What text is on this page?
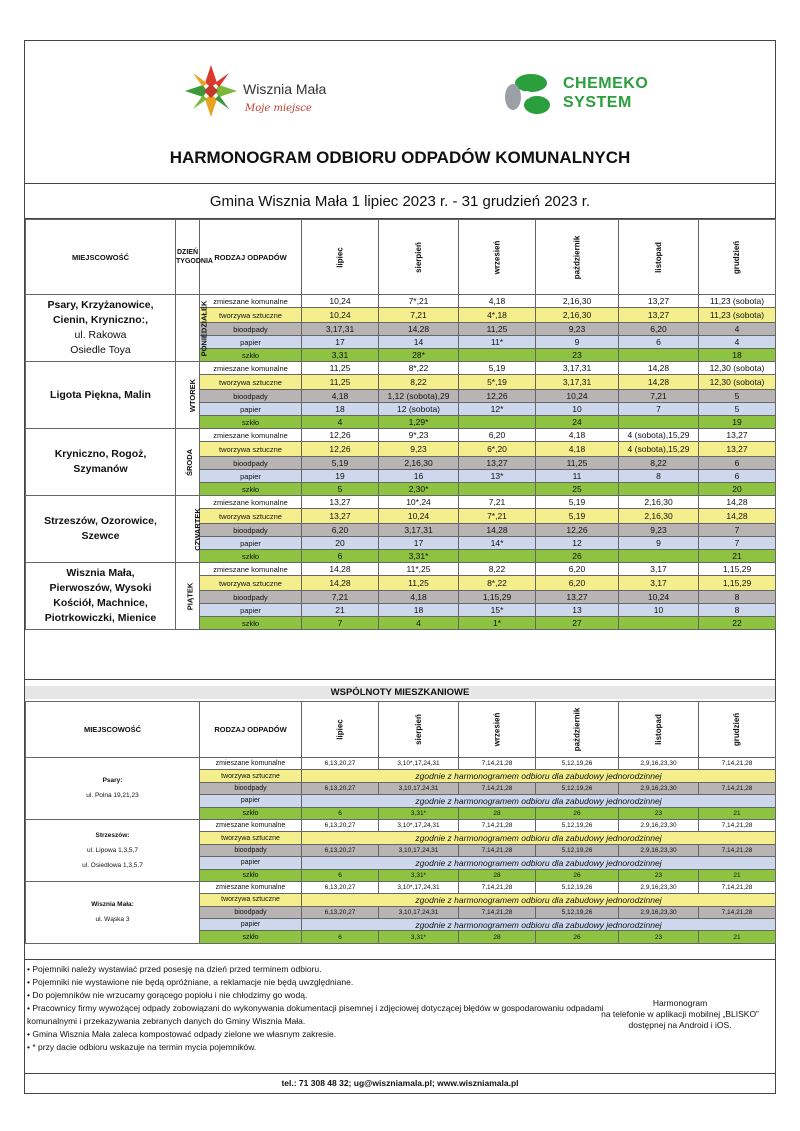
Wisznia Mała
Moje miejsce
CHEMEKO
SYSTEM
HARMONOGRAM ODBIORU ODPADÓW KOMUNALNYCH
Gmina Wisznia Mała 1 lipiec 2023 r. - 31 grudzień 2023 r.
MIEJSCOWOŚĆ	DZIEŃ TYGODNIA	RODZAJ ODPADÓW	lipiec	sierpień	wrzesień	październik	listopad	grudzień

Psary, Krzyżanowice,
Cienin, Kryniczno:,
ul. Rakowa
Osiedle Toya	PONIEDZIAŁEK	zmieszane komunalne	10,24	7*,21	4,18	2,16,30	13,27	11,23 (sobota)
		tworzywa sztuczne	10,24	7,21	4*,18	2,16,30	13,27	11,23 (sobota)
		bioodpady	3,17,31	14,28	11,25	9,23	6,20	4
		papier	17	14	11*	9	6	4
		szkło	3,31	28*		23		18

Ligota Piękna, Malin	WTOREK	zmieszane komunalne	11,25	8*,22	5,19	3,17,31	14,28	12,30 (sobota)
		tworzywa sztuczne	11,25	8,22	5*,19	3,17,31	14,28	12,30 (sobota)
		bioodpady	4,18	1,12 (sobota),29	12,26	10,24	7,21	5
		papier	18	12 (sobota)	12*	10	7	5
		szkło	4	1,29*		24		19

Kryniczno, Rogoż,
Szymanów	ŚRODA	zmieszane komunalne	12,26	9*,23	6,20	4,18	4 (sobota),15,29	13,27
		tworzywa sztuczne	12,26	9,23	6*,20	4,18	4 (sobota),15,29	13,27
		bioodpady	5,19	2,16,30	13,27	11,25	8,22	6
		papier	19	16	13*	11	8	6
		szkło	5	2,30*		25		20

Strzeszów, Ozorowice,
Szewce	CZWARTEK	zmieszane komunalne	13,27	10*,24	7,21	5,19	2,16,30	14,28
		tworzywa sztuczne	13,27	10,24	7*,21	5,19	2,16,30	14,28
		bioodpady	6,20	3,17,31	14,28	12,26	9,23	7
		papier	20	17	14*	12	9	7
		szkło	6	3,31*		26		21

Wisznia Mała,
Pierwoszów, Wysoki
Kościół, Machnice,
Piotrkowiczki, Mienice	PIĄTEK	zmieszane komunalne	14,28	11*,25	8,22	6,20	3,17	1,15,29
		tworzywa sztuczne	14,28	11,25	8*,22	6,20	3,17	1,15,29
		bioodpady	7,21	4,18	1,15,29	13,27	10,24	8
		papier	21	18	15*	13	10	8
		szkło	7	4	1*	27		22
WSPÓLNOTY MIESZKANIOWE
MIEJSCOWOŚĆ	RODZAJ ODPADÓW	lipiec	sierpień	wrzesień	październik	listopad	grudzień

Psary:
ul. Polna 19,21,23	zmieszane komunalne	6,13,20,27	3,10*,17,24,31	7,14,21,28	5,12,19,26	2,9,16,23,30	7,14,21,28
	tworzywa sztuczne	zgodnie z harmonogramem odbioru dla zabudowy jednorodzinnej					
	bioodpady	6,13,20,27	3,10,17,24,31	7,14,21,28	5,12,19,26	2,9,16,23,30	7,14,21,28
	papier	zgodnie z harmonogramem odbioru dla zabudowy jednorodzinnej					
	szkło	6	3,31*	28	26	23	21

Strzeszów:
ul. Lipowa 1,3,5,7
ul. Osiedlowa 1,3,5,7	zmieszane komunalne	6,13,20,27	3,10*,17,24,31	7,14,21,28	5,12,19,26	2,9,16,23,30	7,14,21,28
	tworzywa sztuczne	zgodnie z harmonogramem odbioru dla zabudowy jednorodzinnej					
	bioodpady	6,13,20,27	3,10,17,24,31	7,14,21,28	5,12,19,26	2,9,16,23,30	7,14,21,28
	papier	zgodnie z harmonogramem odbioru dla zabudowy jednorodzinnej					
	szkło	6	3,31*	28	26	23	21

Wisznia Mała:
ul. Wąska 3	zmieszane komunalne	6,13,20,27	3,10*,17,24,31	7,14,21,28	5,12,19,26	2,9,16,23,30	7,14,21,28
	tworzywa sztuczne	zgodnie z harmonogramem odbioru dla zabudowy jednorodzinnej					
	bioodpady	6,13,20,27	3,10,17,24,31	7,14,21,28	5,12,19,26	2,9,16,23,30	7,14,21,28
	papier	zgodnie z harmonogramem odbioru dla zabudowy jednorodzinnej					
	szkło	6	3,31*	28	26	23	21
• Pojemniki należy wystawiać przed posesję na dzień przed terminem odbioru.
• Pojemniki nie wystawione nie będą opróżniane, a reklamacje nie będą uwzględniane.
• Do pojemników nie wrzucamy gorącego popiołu i nie chłodzimy go wodą.
• Pracownicy firmy wywożącej odpady zobowiązani do wykonywania dokumentacji pisemnej i zdjęciowej dotyczącej błędów w gospodarowaniu odpadami
komunalnymi i przekazywania zebranych danych do Gminy Wisznia Mała.
• Gmina Wisznia Mała zaleca kompostować odpady zielone we własnym zakresie.
• * przy dacie odbioru wskazuje na termin mycia pojemników.
Harmonogram
na telefonie w aplikacji mobilnej „BLISKO”
dostępnej na Android i iOS.
tel.: 71 308 48 32; ug@wiszniamala.pl; www.wiszniamala.pl
